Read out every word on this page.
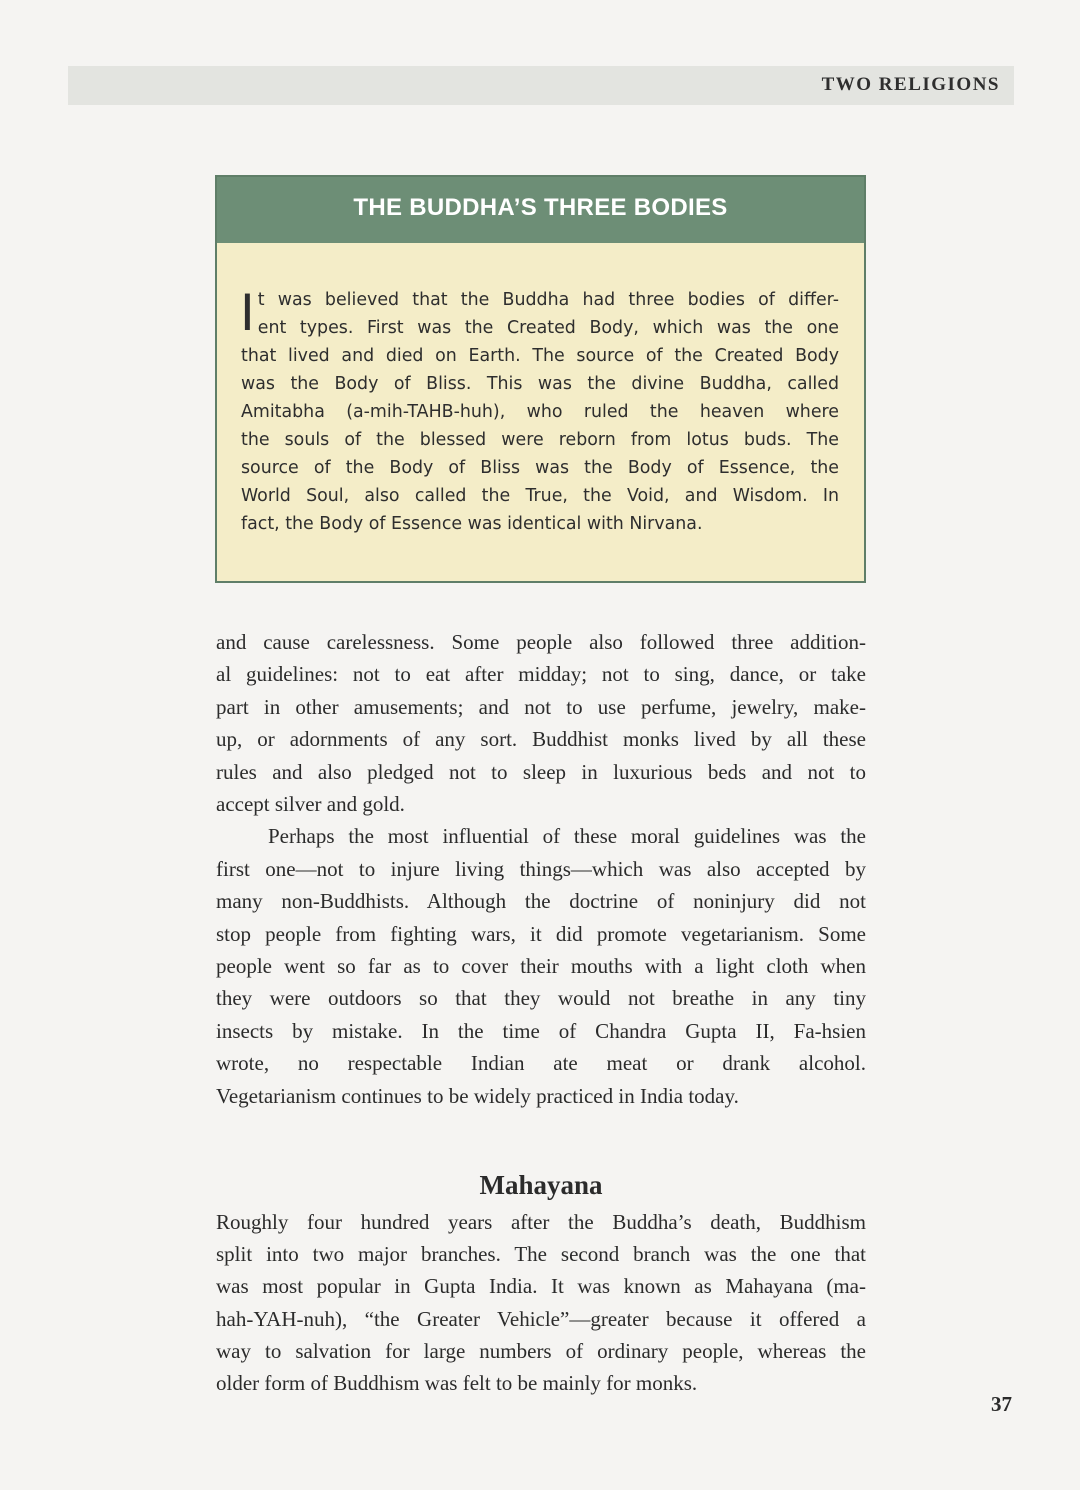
TWO RELIGIONS
THE BUDDHA’S THREE BODIES
I t was believed that the Buddha had three bodies of differ-
ent types. First was the Created Body, which was the one
that lived and died on Earth. The source of the Created Body
was the Body of Bliss. This was the divine Buddha, called
Amitabha (a-mih-TAHB-huh), who ruled the heaven where
the souls of the blessed were reborn from lotus buds. The
source of the Body of Bliss was the Body of Essence, the
World Soul, also called the True, the Void, and Wisdom. In
fact, the Body of Essence was identical with Nirvana.
and cause carelessness. Some people also followed three addition-
al guidelines: not to eat after midday; not to sing, dance, or take
part in other amusements; and not to use perfume, jewelry, make-
up, or adornments of any sort. Buddhist monks lived by all these
rules and also pledged not to sleep in luxurious beds and not to
accept silver and gold.
Perhaps the most influential of these moral guidelines was the
first one—not to injure living things—which was also accepted by
many non-Buddhists. Although the doctrine of noninjury did not
stop people from fighting wars, it did promote vegetarianism. Some
people went so far as to cover their mouths with a light cloth when
they were outdoors so that they would not breathe in any tiny
insects by mistake. In the time of Chandra Gupta II, Fa-hsien
wrote, no respectable Indian ate meat or drank alcohol.
Vegetarianism continues to be widely practiced in India today.
Mahayana
Roughly four hundred years after the Buddha’s death, Buddhism
split into two major branches. The second branch was the one that
was most popular in Gupta India. It was known as Mahayana (ma-
hah-YAH-nuh), “the Greater Vehicle”—greater because it offered a
way to salvation for large numbers of ordinary people, whereas the
older form of Buddhism was felt to be mainly for monks.
37
